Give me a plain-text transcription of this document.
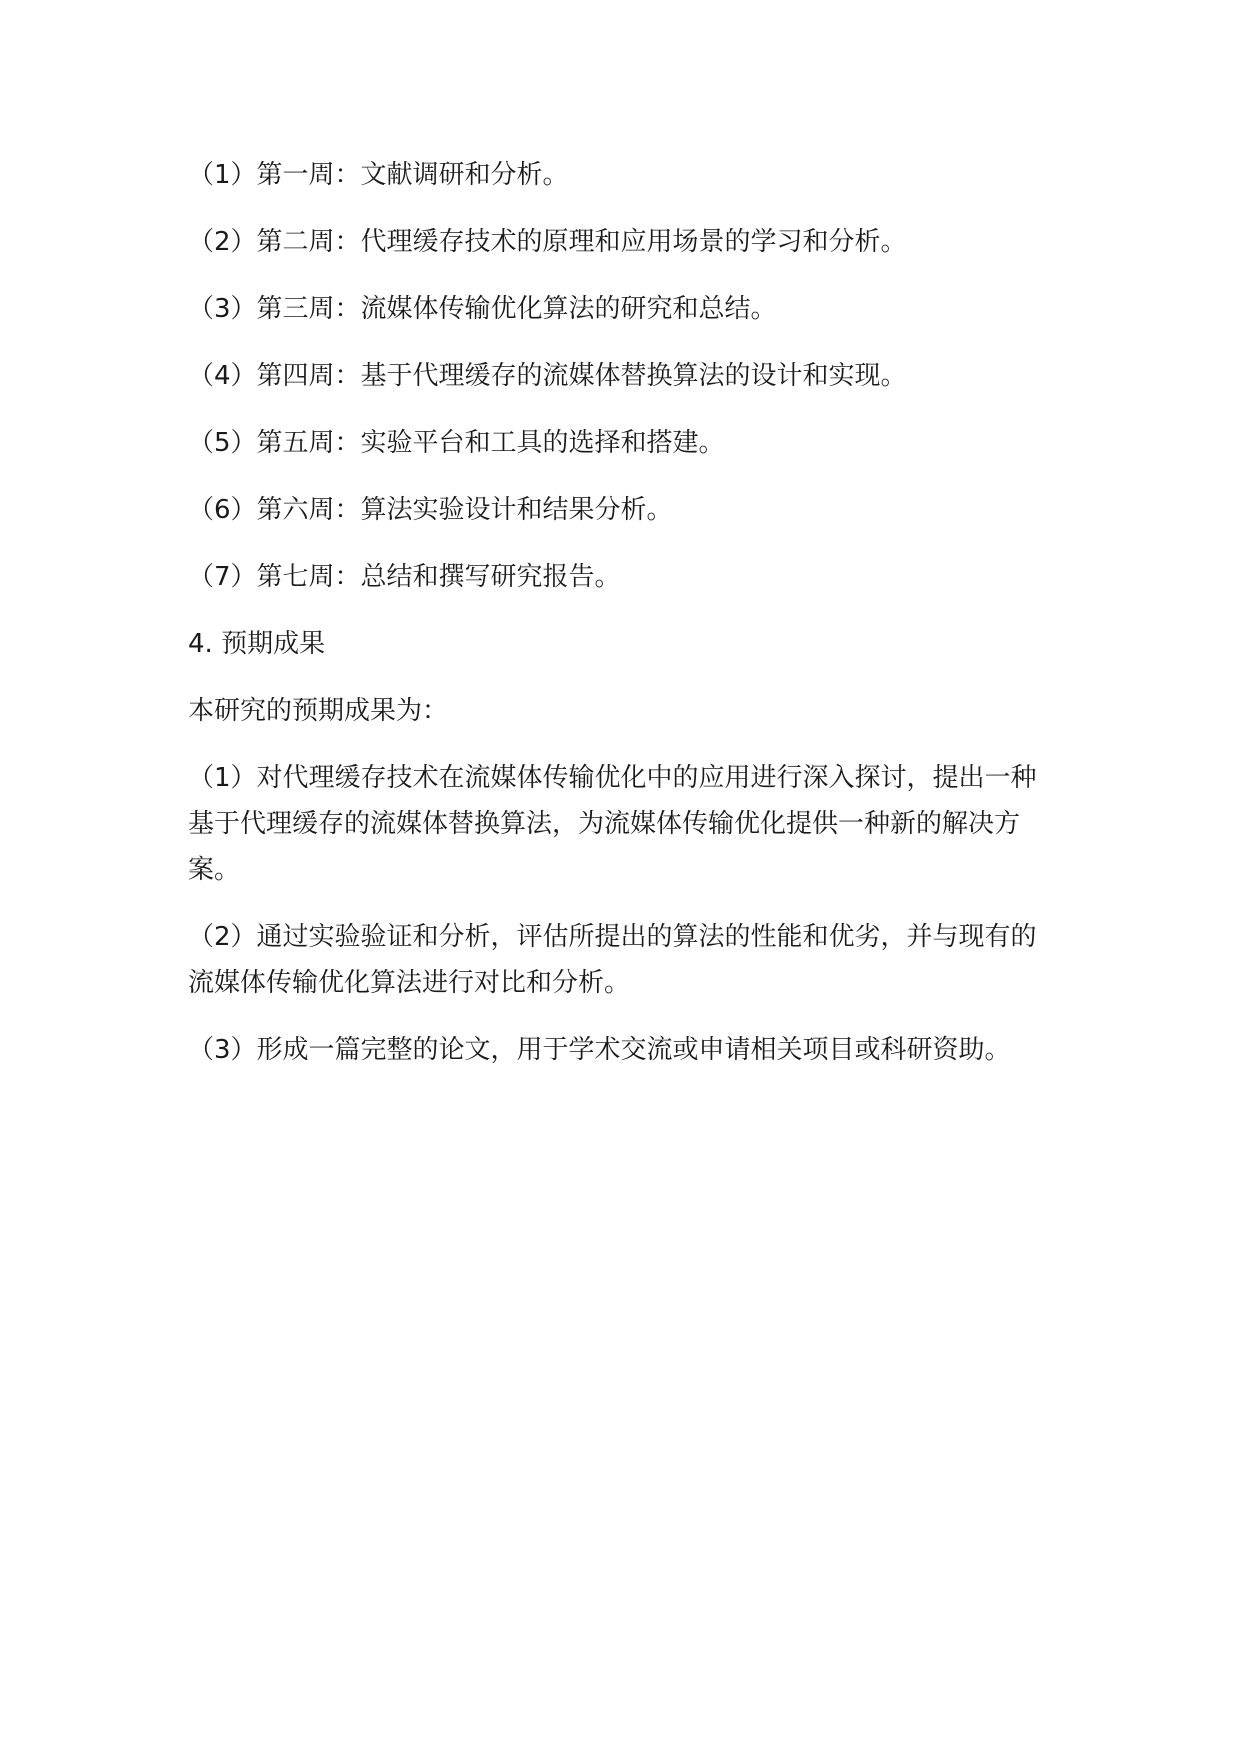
（1）第一周：文献调研和分析。

（2）第二周：代理缓存技术的原理和应用场景的学习和分析。

（3）第三周：流媒体传输优化算法的研究和总结。

（4）第四周：基于代理缓存的流媒体替换算法的设计和实现。

（5）第五周：实验平台和工具的选择和搭建。

（6）第六周：算法实验设计和结果分析。

（7）第七周：总结和撰写研究报告。

4. 预期成果

本研究的预期成果为：

（1）对代理缓存技术在流媒体传输优化中的应用进行深入探讨，提出一种基于代理缓存的流媒体替换算法，为流媒体传输优化提供一种新的解决方案。

（2）通过实验验证和分析，评估所提出的算法的性能和优劣，并与现有的流媒体传输优化算法进行对比和分析。

（3）形成一篇完整的论文，用于学术交流或申请相关项目或科研资助。
